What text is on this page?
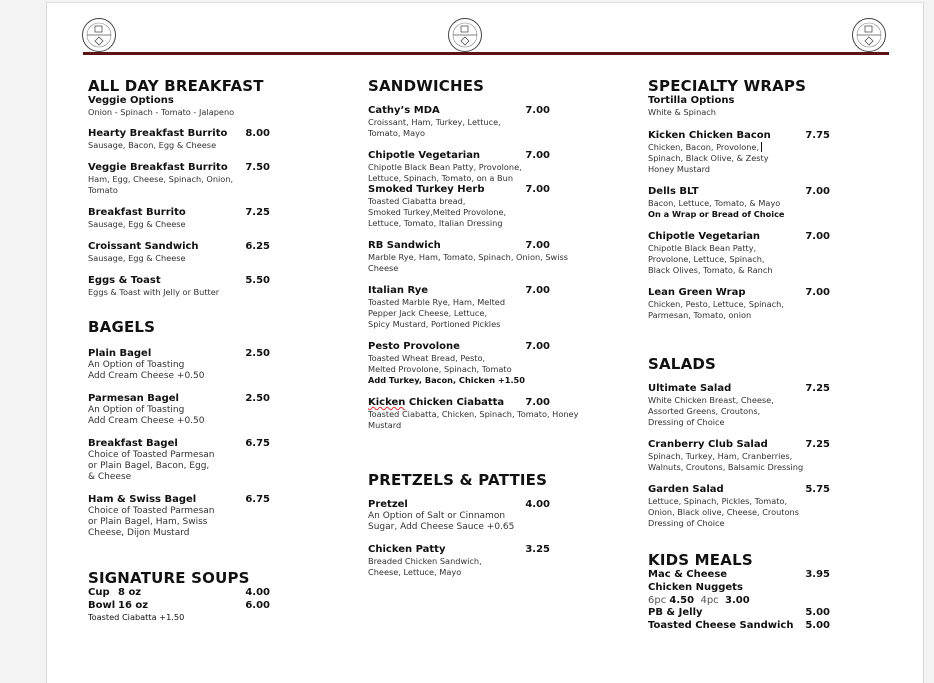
ALL DAY BREAKFAST
Veggie Options
Onion - Spinach - Tomato - Jalapeno
Hearty Breakfast Burrito 8.00
Sausage, Bacon, Egg & Cheese
Veggie Breakfast Burrito 7.50
Ham, Egg, Cheese, Spinach, Onion,
Tomato
Breakfast Burrito	7.25
Sausage, Egg & Cheese
Croissant Sandwich	6.25
Sausage, Egg & Cheese
Eggs & Toast	5.50
Eggs & Toast with Jelly or Butter
BAGELS
Plain Bagel	2.50
An Option of Toasting
Add Cream Cheese +0.50
Parmesan Bagel	2.50
An Option of Toasting
Add Cream Cheese +0.50
Breakfast Bagel	6.75
Choice of Toasted Parmesan
or Plain Bagel, Bacon, Egg,
& Cheese
Ham & Swiss Bagel	6.75
Choice of Toasted Parmesan
or Plain Bagel, Ham, Swiss
Cheese, Dijon Mustard
SIGNATURE SOUPS
Cup 8 oz	4.00
Bowl 16 oz	6.00
Toasted Ciabatta +1.50
SANDWICHES
Cathy’s MDA	7.00
Croissant, Ham, Turkey, Lettuce,
Tomato, Mayo
Chipotle Vegetarian	7.00
Chipotle Black Bean Patty, Provolone,
Lettuce, Spinach, Tomato, on a Bun
Smoked Turkey Herb	7.00
Toasted Ciabatta bread,
Smoked Turkey,Melted Provolone,
Lettuce, Tomato, Italian Dressing
RB Sandwich	7.00
Marble Rye, Ham, Tomato, Spinach, Onion, Swiss
Cheese
Italian Rye	7.00
Toasted Marble Rye, Ham, Melted
Pepper Jack Cheese, Lettuce,
Spicy Mustard, Portioned Pickles
Pesto Provolone	7.00
Toasted Wheat Bread, Pesto,
Melted Provolone, Spinach, Tomato
Add Turkey, Bacon, Chicken +1.50
Kicken Chicken Ciabatta 7.00
Toasted Ciabatta, Chicken, Spinach, Tomato, Honey
Mustard
PRETZELS & PATTIES
Pretzel	4.00
An Option of Salt or Cinnamon
Sugar, Add Cheese Sauce +0.65
Chicken Patty	3.25
Breaded Chicken Sandwich,
Cheese, Lettuce, Mayo
SPECIALTY WRAPS
Tortilla Options
White & Spinach
Kicken Chicken Bacon	7.75
Chicken, Bacon, Provolone,
Spinach, Black Olive, & Zesty
Honey Mustard
Dells BLT	7.00
Bacon, Lettuce, Tomato, & Mayo
On a Wrap or Bread of Choice
Chipotle Vegetarian	7.00
Chipotle Black Bean Patty,
Provolone, Lettuce, Spinach,
Black Olives, Tomato, & Ranch
Lean Green Wrap	7.00
Chicken, Pesto, Lettuce, Spinach,
Parmesan, Tomato, onion
SALADS
Ultimate Salad	7.25
White Chicken Breast, Cheese,
Assorted Greens, Croutons,
Dressing of Choice
Cranberry Club Salad	7.25
Spinach, Turkey, Ham, Cranberries,
Walnuts, Croutons, Balsamic Dressing
Garden Salad	5.75
Lettuce, Spinach, Pickles, Tomato,
Onion, Black olive, Cheese, Croutons
Dressing of Choice
KIDS MEALS
Mac & Cheese	3.95
Chicken Nuggets
6pc 4.50 4pc 3.00
PB & Jelly	5.00
Toasted Cheese Sandwich 5.00
